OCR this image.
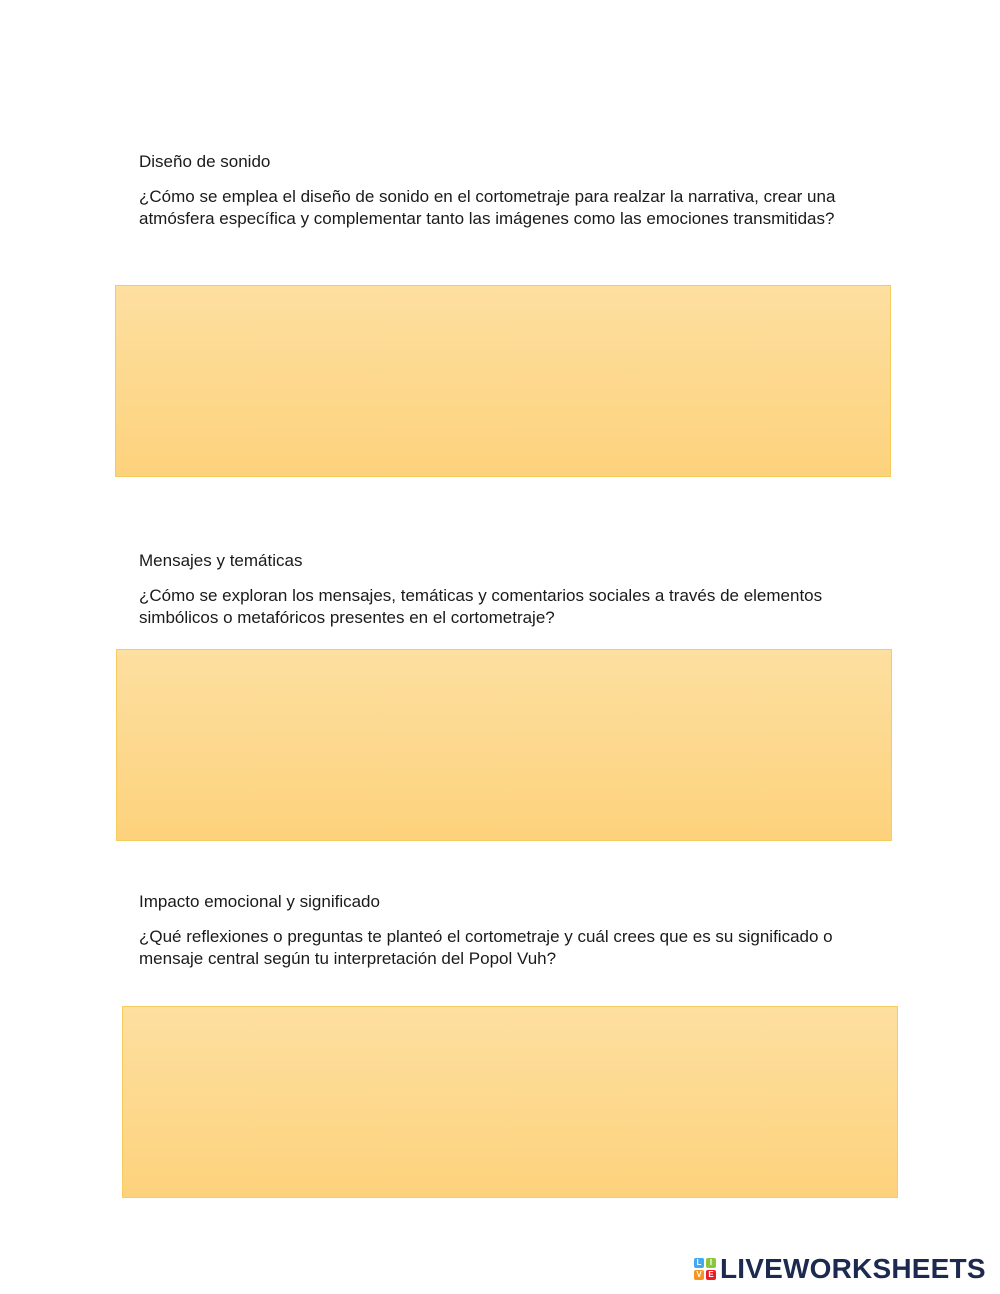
Diseño de sonido

¿Cómo se emplea el diseño de sonido en el cortometraje para realzar la narrativa, crear una atmósfera específica y complementar tanto las imágenes como las emociones transmitidas?

Mensajes y temáticas

¿Cómo se exploran los mensajes, temáticas y comentarios sociales a través de elementos simbólicos o metafóricos presentes en el cortometraje?

Impacto emocional y significado

¿Qué reflexiones o preguntas te planteó el cortometraje y cuál crees que es su significado o mensaje central según tu interpretación del Popol Vuh?

L	I
V E LIVEWORKSHEETS
